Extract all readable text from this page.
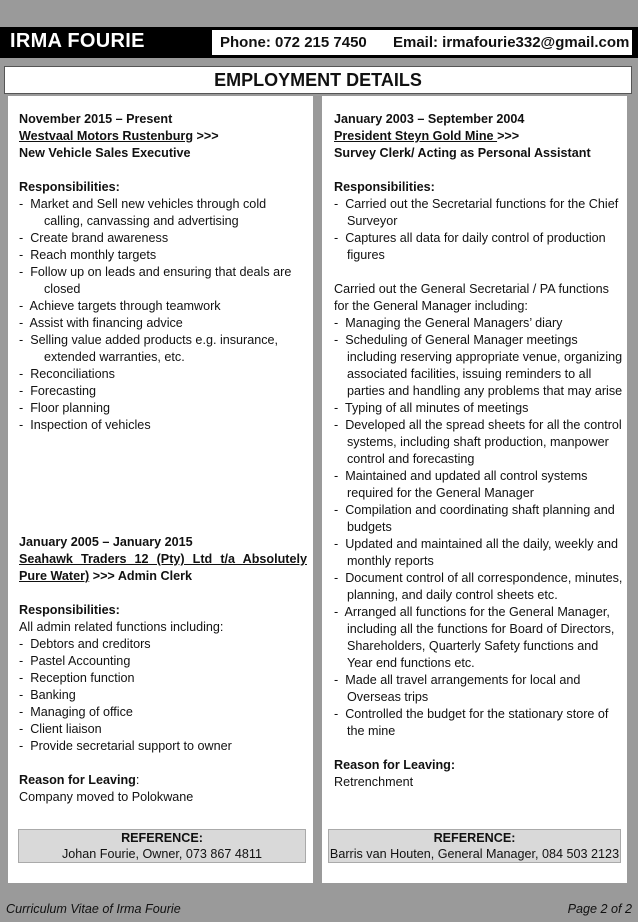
IRMA FOURIE	Phone: 072 215 7450 Email: irmafourie332@gmail.com
EMPLOYMENT DETAILS
November 2015 – Present
Westvaal Motors Rustenburg >>>
New Vehicle Sales Executive
Responsibilities:
- Market and Sell new vehicles through cold calling, canvassing and advertising
- Create brand awareness
- Reach monthly targets
- Follow up on leads and ensuring that deals are closed
- Achieve targets through teamwork
- Assist with financing advice
- Selling value added products e.g. insurance, extended warranties, etc.
- Reconciliations
- Forecasting
- Floor planning
- Inspection of vehicles
January 2005 – January 2015
Seahawk Traders 12 (Pty) Ltd t/a Absolutely Pure Water) >>> Admin Clerk
Responsibilities:
All admin related functions including:
- Debtors and creditors
- Pastel Accounting
- Reception function
- Banking
- Managing of office
- Client liaison
- Provide secretarial support to owner
Reason for Leaving:
Company moved to Polokwane
REFERENCE:
Johan Fourie, Owner, 073 867 4811
January 2003 – September 2004
President Steyn Gold Mine >>>
Survey Clerk/ Acting as Personal Assistant
Responsibilities:
- Carried out the Secretarial functions for the Chief Surveyor
- Captures all data for daily control of production figures
Carried out the General Secretarial / PA functions for the General Manager including:
- Managing the General Managers’ diary
- Scheduling of General Manager meetings including reserving appropriate venue, organizing associated facilities, issuing reminders to all parties and handling any problems that may arise
- Typing of all minutes of meetings
- Developed all the spread sheets for all the control systems, including shaft production, manpower control and forecasting
- Maintained and updated all control systems required for the General Manager
- Compilation and coordinating shaft planning and budgets
- Updated and maintained all the daily, weekly and monthly reports
- Document control of all correspondence, minutes, planning, and daily control sheets etc.
- Arranged all functions for the General Manager, including all the functions for Board of Directors, Shareholders, Quarterly Safety functions and Year end functions etc.
- Made all travel arrangements for local and Overseas trips
- Controlled the budget for the stationary store of the mine
Reason for Leaving:
Retrenchment
REFERENCE:
Barris van Houten, General Manager, 084 503 2123
Curriculum Vitae of Irma Fourie	Page 2 of 2
